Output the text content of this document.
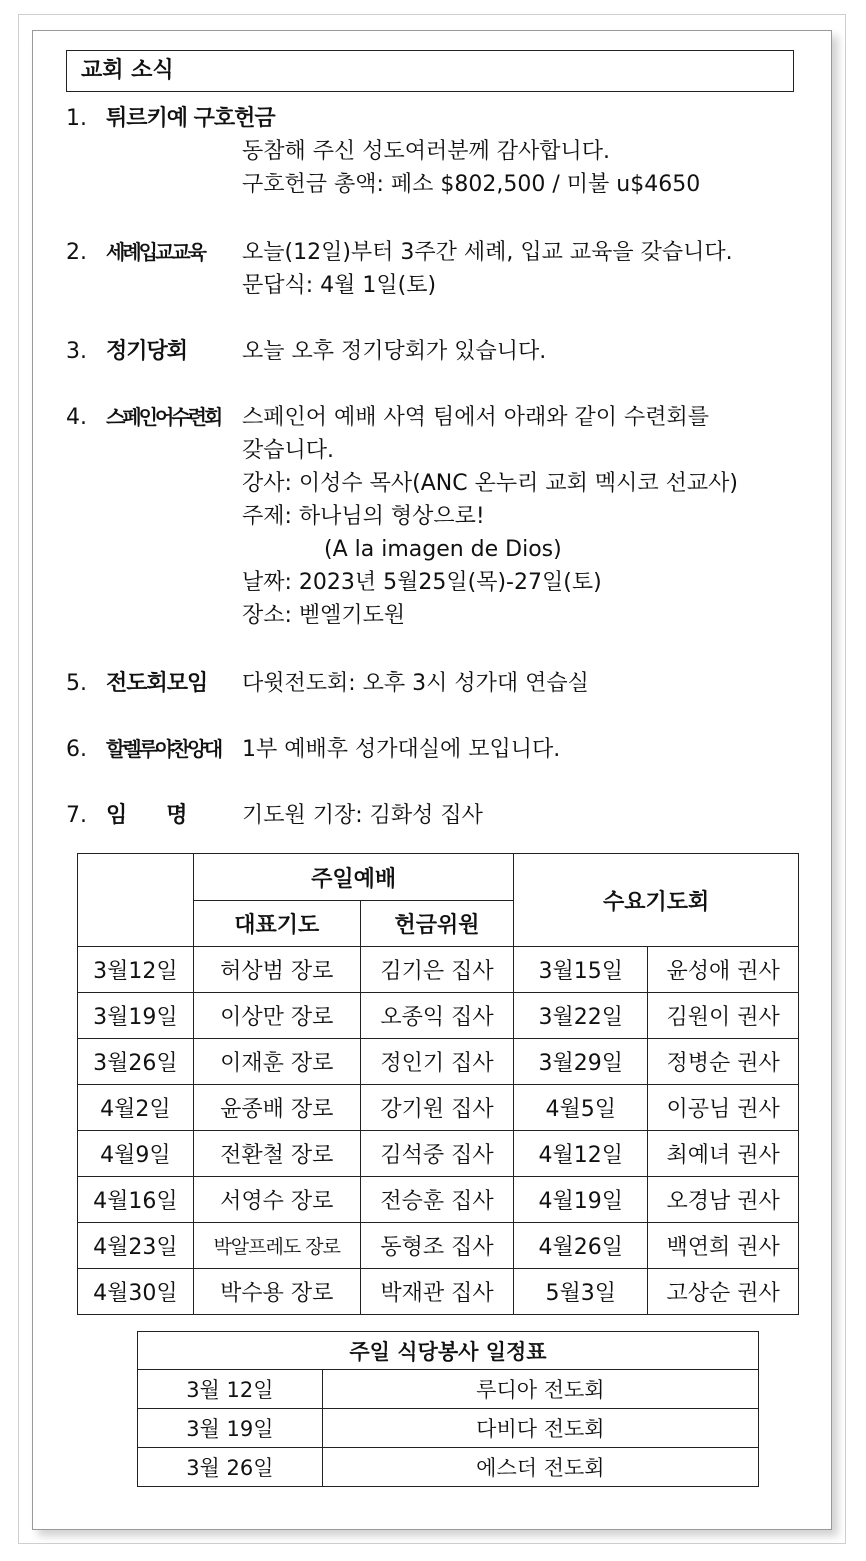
교회 소식
1. 튀르키예 구호헌금
동참해 주신 성도여러분께 감사합니다.
구호헌금 총액: 페소 $802,500 / 미불 u$4650
2. 세례입교교육 오늘(12일)부터 3주간 세례, 입교 교육을 갖습니다.
문답식: 4월 1일(토)
3. 정기당회 오늘 오후 정기당회가 있습니다.
4. 스페인어수련회 스페인어 예배 사역 팀에서 아래와 같이 수련회를
갖습니다.
강사: 이성수 목사(ANC 온누리 교회 멕시코 선교사)
주제: 하나님의 형상으로!
(A la imagen de Dios)
날짜: 2023년 5월25일(목)-27일(토)
장소: 벧엘기도원
5. 전도회모임 다윗전도회: 오후 3시 성가대 연습실
6. 할렐루야찬양대 1부 예배후 성가대실에 모입니다.
7. 임      명	기도원 기장: 김화성 집사
	주일예배		수요기도회	
	대표기도	헌금위원		
3월12일	허상범 장로	김기은 집사	3월15일	윤성애 권사
3월19일	이상만 장로	오종익 집사	3월22일	김원이 권사
3월26일	이재훈 장로	정인기 집사	3월29일	정병순 권사
4월2일	윤종배 장로	강기원 집사	4월5일	이공님 권사
4월9일	전환철 장로	김석중 집사	4월12일	최예녀 권사
4월16일	서영수 장로	전승훈 집사	4월19일	오경남 권사
4월23일	박알프레도 장로	동형조 집사	4월26일	백연희 권사
4월30일	박수용 장로	박재관 집사	5월3일	고상순 권사
주일 식당봉사 일정표	
3월 12일	루디아 전도회
3월 19일	다비다 전도회
3월 26일	에스더 전도회
